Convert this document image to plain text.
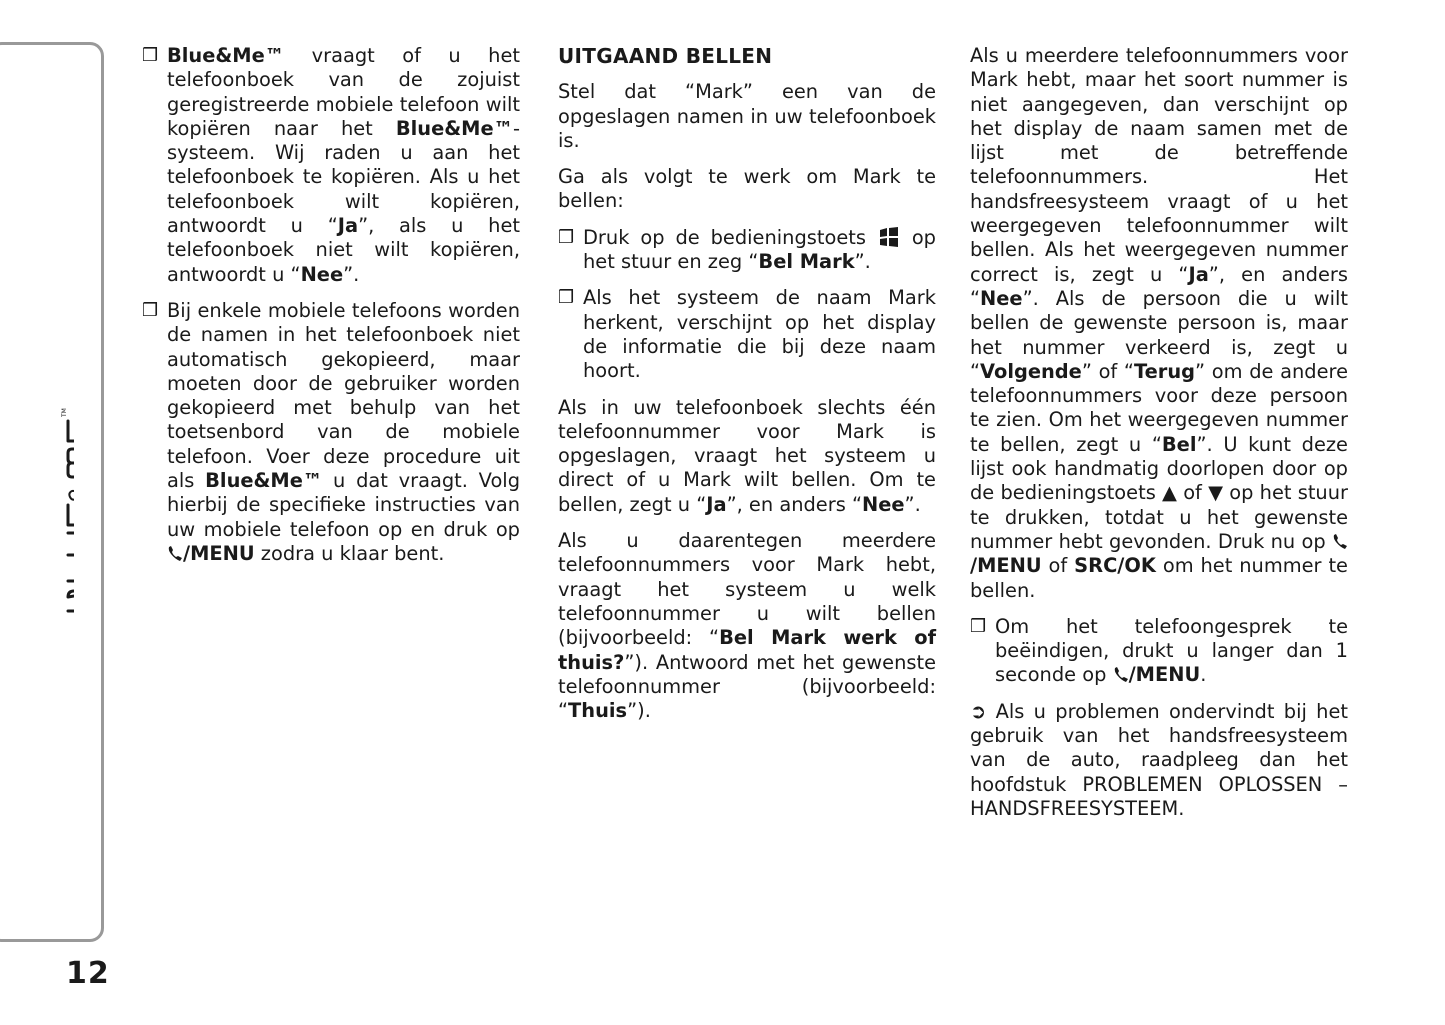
TM
12
❒ Blue&Me™ vraagt of u het telefoonboek van de zojuist geregistreerde mobiele telefoon wilt kopiëren naar het Blue&Me™-systeem. Wij raden u aan het telefoonboek te kopiëren. Als u het telefoonboek wilt kopiëren, antwoordt u “Ja”, als u het telefoonboek niet wilt kopiëren, antwoordt u “Nee”.
❒ Bij enkele mobiele telefoons worden de namen in het telefoonboek niet automatisch gekopieerd, maar moeten door de gebruiker worden gekopieerd met behulp van het toetsenbord van de mobiele telefoon. Voer deze procedure uit als Blue&Me™ u dat vraagt. Volg hierbij de specifieke instructies van uw mobiele telefoon op en druk op /MENU zodra u klaar bent.
UITGAAND BELLEN

Stel dat “Mark” een van de opgeslagen namen in uw telefoonboek is.

Ga als volgt te werk om Mark te bellen:

❒ Druk op de bedieningstoets  op het stuur en zeg “Bel Mark”.
❒ Als het systeem de naam Mark herkent, verschijnt op het display de informatie die bij deze naam hoort.

Als in uw telefoonboek slechts één telefoonnummer voor Mark is opgeslagen, vraagt het systeem u direct of u Mark wilt bellen. Om te bellen, zegt u “Ja”, en anders “Nee”.

Als u daarentegen meerdere telefoonnummers voor Mark hebt, vraagt het systeem u welk telefoonnummer u wilt bellen (bijvoorbeeld: “Bel Mark werk of thuis?”). Antwoord met het gewenste telefoonnummer (bijvoorbeeld: “Thuis”).

Als u meerdere telefoonnummers voor Mark hebt, maar het soort nummer is niet aangegeven, dan verschijnt op het display de naam samen met de lijst met de betreffende telefoonnummers. Het handsfreesysteem vraagt of u het weergegeven telefoonnummer wilt bellen. Als het weergegeven nummer correct is, zegt u “Ja”, en anders “Nee”. Als de persoon die u wilt bellen de gewenste persoon is, maar het nummer verkeerd is, zegt u “Volgende” of “Terug” om de andere telefoonnummers voor deze persoon te zien. Om het weergegeven nummer te bellen, zegt u “Bel”. U kunt deze lijst ook handmatig doorlopen door op de bedieningstoets ▲ of ▼ op het stuur te drukken, totdat u het gewenste nummer hebt gevonden. Druk nu op /MENU of SRC/OK om het nummer te bellen.

❒ Om het telefoongesprek te beëindigen, drukt u langer dan 1 seconde op /MENU.

➲ Als u problemen ondervindt bij het gebruik van het handsfreesysteem van de auto, raadpleeg dan het hoofdstuk PROBLEMEN OPLOSSEN – HANDSFREESYSTEEM.
